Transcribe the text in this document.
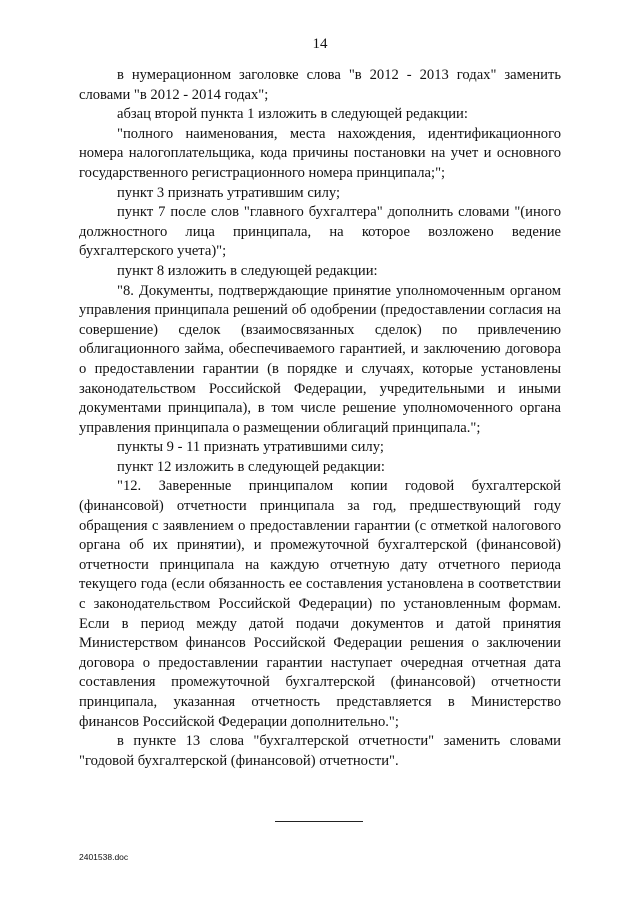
14

в нумерационном заголовке слова "в 2012 - 2013 годах" заменить словами "в 2012 - 2014 годах";

абзац второй пункта 1 изложить в следующей редакции:

"полного наименования, места нахождения, идентификационного номера налогоплательщика, кода причины постановки на учет и основного государственного регистрационного номера принципала;";

пункт 3 признать утратившим силу;

пункт 7 после слов "главного бухгалтера" дополнить словами "(иного должностного лица принципала, на которое возложено ведение бухгалтерского учета)";

пункт 8 изложить в следующей редакции:

"8. Документы, подтверждающие принятие уполномоченным органом управления принципала решений об одобрении (предоставлении согласия на совершение) сделок (взаимосвязанных сделок) по привлечению облигационного займа, обеспечиваемого гарантией, и заключению договора о предоставлении гарантии (в порядке и случаях, которые установлены законодательством Российской Федерации, учредительными и иными документами принципала), в том числе решение уполномоченного органа управления принципала о размещении облигаций принципала.";

пункты 9 - 11 признать утратившими силу;

пункт 12 изложить в следующей редакции:

"12. Заверенные принципалом копии годовой бухгалтерской (финансовой) отчетности принципала за год, предшествующий году обращения с заявлением о предоставлении гарантии (с отметкой налогового органа об их принятии), и промежуточной бухгалтерской (финансовой) отчетности принципала на каждую отчетную дату отчетного периода текущего года (если обязанность ее составления установлена в соответствии с законодательством Российской Федерации) по установленным формам. Если в период между датой подачи документов и датой принятия Министерством финансов Российской Федерации решения о заключении договора о предоставлении гарантии наступает очередная отчетная дата составления промежуточной бухгалтерской (финансовой) отчетности принципала, указанная отчетность представляется в Министерство финансов Российской Федерации дополнительно.";

в пункте 13 слова "бухгалтерской отчетности" заменить словами "годовой бухгалтерской (финансовой) отчетности".

2401538.doc
